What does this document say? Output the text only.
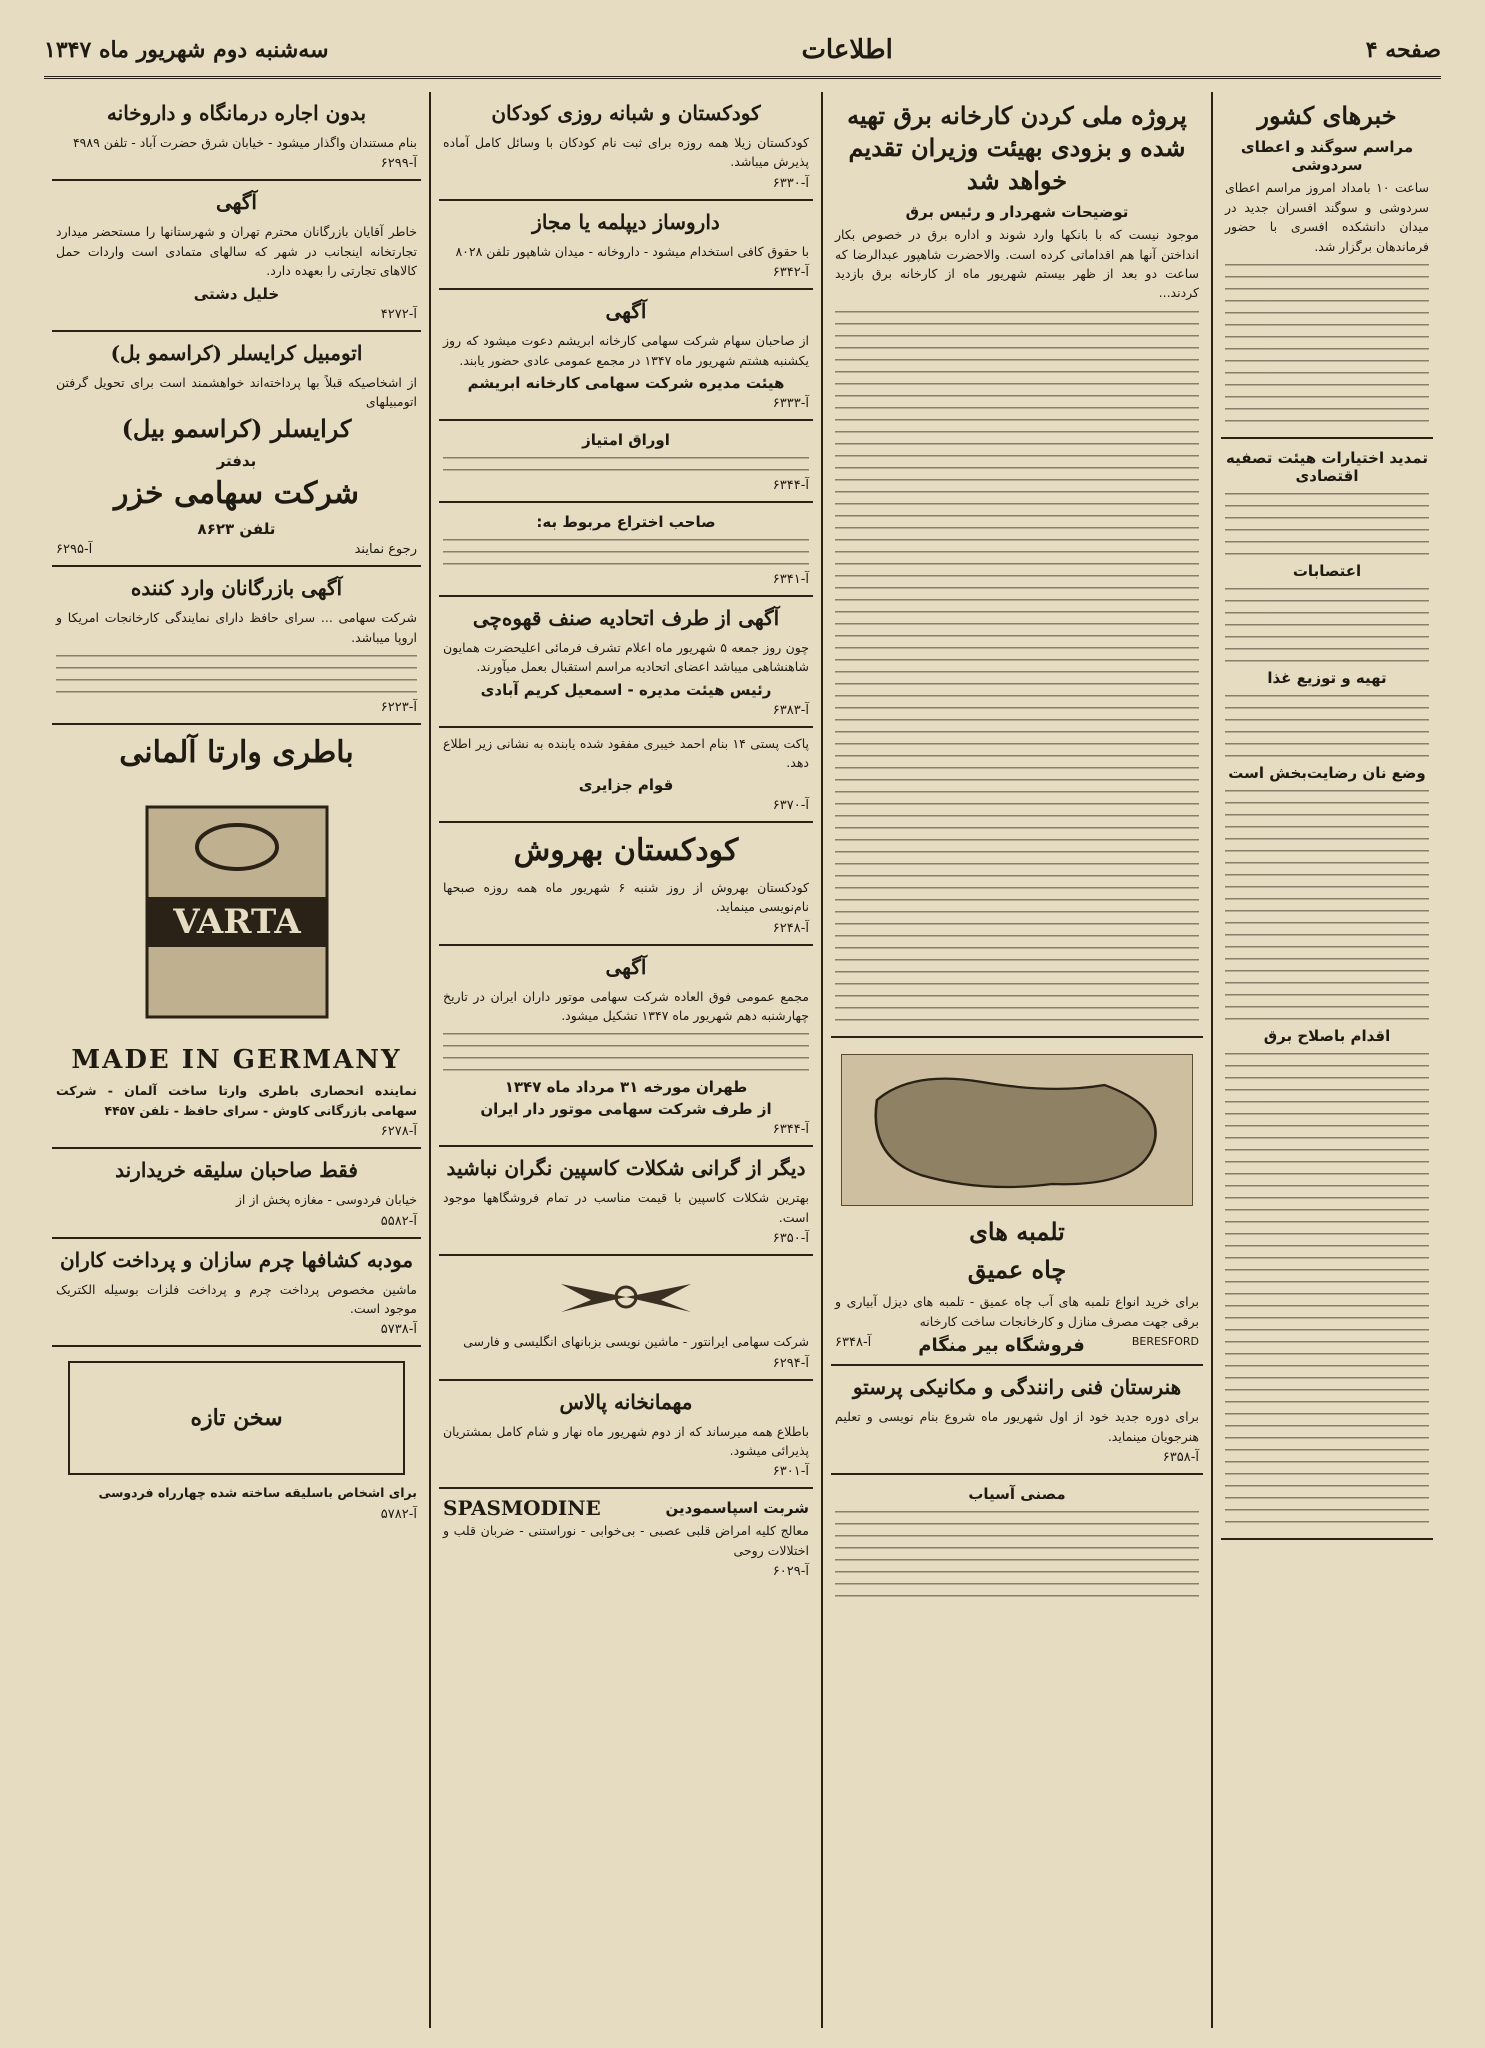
صفحه ۴
اطلاعات
سه‌شنبه دوم شهریور ماه ۱۳۴۷
خبرهای کشور
مراسم سوگند و اعطای سردوشی
ساعت ۱۰ بامداد امروز مراسم اعطای سردوشی و سوگند افسران جدید در میدان دانشکده افسری با حضور فرماندهان برگزار شد.
تمدید اختیارات هیئت تصفیه اقتصادی
اعتصابات
تهیه و توزیع غذا
وضع نان رضایت‌بخش است
اقدام باصلاح برق
پروژه ملی کردن کارخانه برق تهیه شده و بزودی بهیئت وزیران تقدیم خواهد شد
توضیحات شهردار و رئیس برق
موجود نیست که با بانکها وارد شوند و اداره برق در خصوص بکار انداختن آنها هم اقداماتی کرده است. والاحضرت شاهپور عبدالرضا که ساعت دو بعد از ظهر بیستم شهریور ماه از کارخانه برق بازدید کردند...
تلمبه های
چاه عمیق
برای خرید انواع تلمبه های آب چاه عمیق - تلمبه های دیزل آبیاری و برقی جهت مصرف منازل و کارخانجات ساخت کارخانه
BERESFORD
فروشگاه بیر منگام
آ-۶۳۴۸
هنرستان فنی رانندگی و مکانیکی پرستو
برای دوره جدید خود از اول شهریور ماه شروع بنام نویسی و تعلیم هنرجویان مینماید.
آ-۶۳۵۸
مصنی آسیاب
کودکستان و شبانه روزی کودکان
کودکستان زیلا همه روزه برای ثبت نام کودکان با وسائل کامل آماده پذیرش میباشد.
آ-۶۳۳۰
داروساز دیپلمه یا مجاز
با حقوق کافی استخدام میشود - داروخانه - میدان شاهپور تلفن ۸۰۲۸
آ-۶۳۴۲
آگهی
از صاحبان سهام شرکت سهامی کارخانه ابریشم دعوت میشود که روز یکشنبه هشتم شهریور ماه ۱۳۴۷ در مجمع عمومی عادی حضور یابند.
هیئت مدیره شرکت سهامی کارخانه ابریشم
آ-۶۳۳۳
اوراق امتیاز
آ-۶۳۴۴
صاحب اختراع مربوط به:
آ-۶۳۴۱
آگهی از طرف اتحادیه صنف قهوه‌چی
چون روز جمعه ۵ شهریور ماه اعلام تشرف فرمائی اعلیحضرت همایون شاهنشاهی میباشد اعضای اتحادیه مراسم استقبال بعمل میآورند.
رئیس هیئت مدیره - اسمعیل کریم آبادی
آ-۶۳۸۳
پاکت پستی ۱۴ بنام احمد خیبری مفقود شده یابنده به نشانی زیر اطلاع دهد.
قوام جزایری
آ-۶۳۷۰
کودکستان بهروش
کودکستان بهروش از روز شنبه ۶ شهریور ماه همه روزه صبحها نام‌نویسی مینماید.
آ-۶۲۴۸
آگهی
مجمع عمومی فوق العاده شرکت سهامی موتور داران ایران در تاریخ چهارشنبه دهم شهریور ماه ۱۳۴۷ تشکیل میشود.
طهران مورخه ۳۱ مرداد ماه ۱۳۴۷
از طرف شرکت سهامی موتور دار ایران
آ-۶۳۴۴
دیگر از گرانی شکلات کاسپین نگران نباشید
بهترین شکلات کاسپین با قیمت مناسب در تمام فروشگاهها موجود است.
آ-۶۳۵۰
شرکت سهامی ایرانتور - ماشین نویسی بزبانهای انگلیسی و فارسی
آ-۶۲۹۴
مهمانخانه پالاس
باطلاع همه میرساند که از دوم شهریور ماه نهار و شام کامل بمشتریان پذیرائی میشود.
آ-۶۳۰۱
شربت اسپاسمودین
SPASMODINE
معالج کلیه امراض قلبی عصبی - بی‌خوابی - نوراستنی - ضربان قلب و اختلالات روحی
آ-۶۰۲۹
بدون اجاره درمانگاه و داروخانه
بنام مستندان واگذار میشود - خیابان شرق حضرت آباد - تلفن ۴۹۸۹
آ-۶۲۹۹
آگهی
خاطر آقایان بازرگانان محترم تهران و شهرستانها را مستحضر میدارد تجارتخانه اینجانب در شهر که سالهای متمادی است واردات حمل کالاهای تجارتی را بعهده دارد.
خلیل دشتی
آ-۴۲۷۲
اتومبیل کرایسلر (کراسمو بل)
از اشخاصیکه قبلاً بها پرداخته‌اند خواهشمند است برای تحویل گرفتن اتومبیلهای
کرایسلر (کراسمو بیل)
بدفتر
شرکت سهامی خزر
تلفن ۸۶۲۳
رجوع نمایند
آ-۶۲۹۵
آگهی بازرگانان وارد کننده
شرکت سهامی ... سرای حافظ دارای نمایندگی کارخانجات امریکا و اروپا میباشد.
آ-۶۲۲۳
باطری وارتا آلمانی
VARTA
MADE IN GERMANY
نماینده انحصاری باطری وارتا ساخت آلمان - شرکت سهامی بازرگانی کاوش - سرای حافظ - تلفن ۴۴۵۷
آ-۶۲۷۸
فقط صاحبان سلیقه خریدارند
خیابان فردوسی - مغازه پخش از از
آ-۵۵۸۲
مودبه کشافها چرم سازان و پرداخت کاران
ماشین مخصوص پرداخت چرم و پرداخت فلزات بوسیله الکتریک موجود است.
آ-۵۷۳۸
سخن تازه
برای اشخاص باسلیقه ساخته شده چهارراه فردوسی
آ-۵۷۸۲
